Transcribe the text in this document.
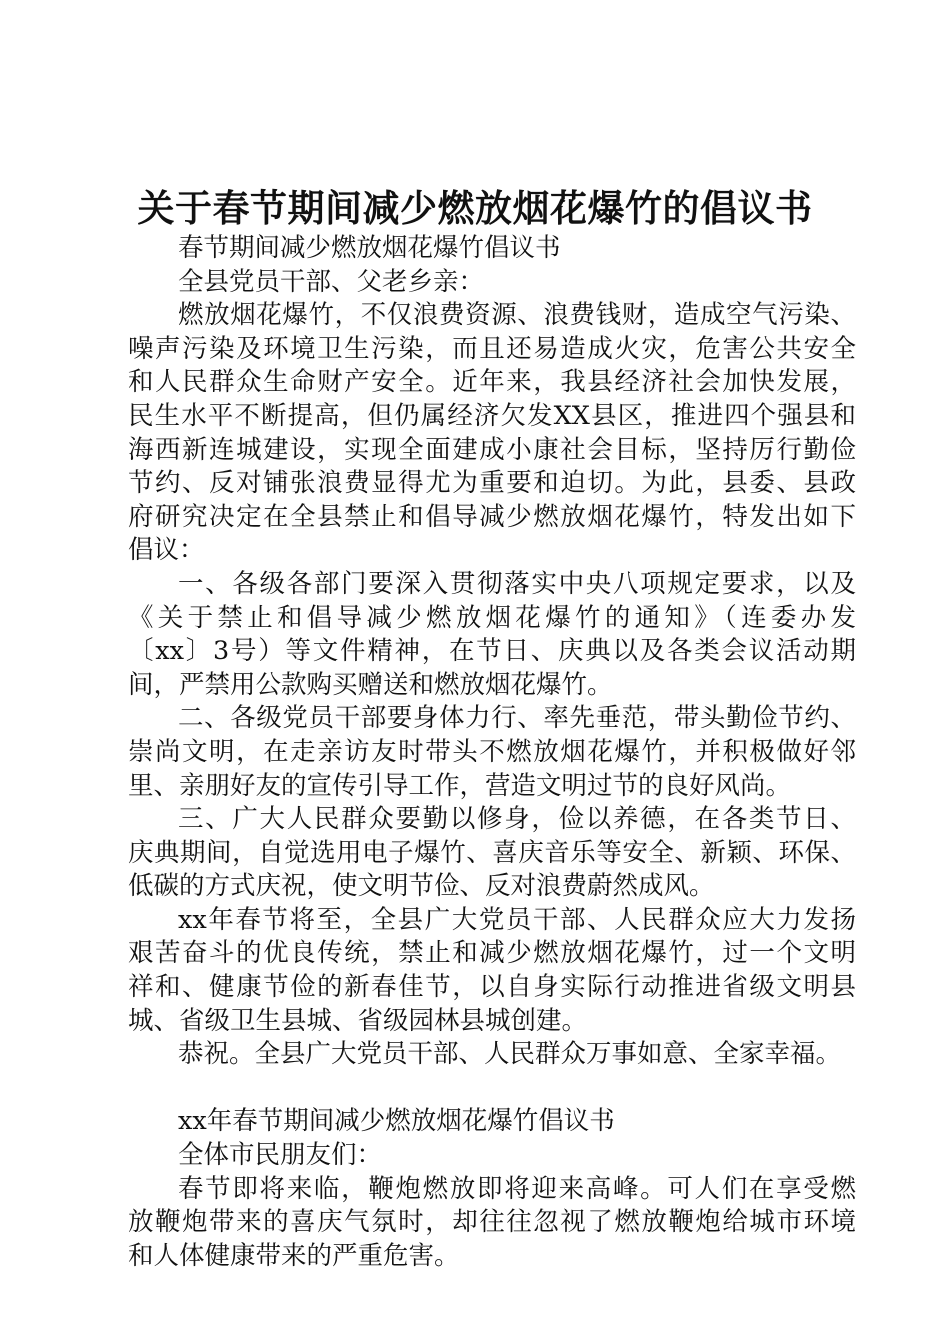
关于春节期间减少燃放烟花爆竹的倡议书
春节期间减少燃放烟花爆竹倡议书
全县党员干部、父老乡亲：
燃放烟花爆竹，不仅浪费资源、浪费钱财，造成空气污染、
噪声污染及环境卫生污染，而且还易造成火灾，危害公共安全
和人民群众生命财产安全。近年来，我县经济社会加快发展，
民生水平不断提高，但仍属经济欠发XX县区，推进四个强县和
海西新连城建设，实现全面建成小康社会目标，坚持厉行勤俭
节约、反对铺张浪费显得尤为重要和迫切。为此，县委、县政
府研究决定在全县禁止和倡导减少燃放烟花爆竹，特发出如下
倡议：
一、各级各部门要深入贯彻落实中央八项规定要求，以及
《关于禁止和倡导减少燃放烟花爆竹的通知》（连委办发
〔xx〕3号）等文件精神，在节日、庆典以及各类会议活动期
间，严禁用公款购买赠送和燃放烟花爆竹。
二、各级党员干部要身体力行、率先垂范，带头勤俭节约、
崇尚文明，在走亲访友时带头不燃放烟花爆竹，并积极做好邻
里、亲朋好友的宣传引导工作，营造文明过节的良好风尚。
三、广大人民群众要勤以修身，俭以养德，在各类节日、
庆典期间，自觉选用电子爆竹、喜庆音乐等安全、新颖、环保、
低碳的方式庆祝，使文明节俭、反对浪费蔚然成风。
xx年春节将至，全县广大党员干部、人民群众应大力发扬
艰苦奋斗的优良传统，禁止和减少燃放烟花爆竹，过一个文明
祥和、健康节俭的新春佳节，以自身实际行动推进省级文明县
城、省级卫生县城、省级园林县城创建。
恭祝。全县广大党员干部、人民群众万事如意、全家幸福。
xx年春节期间减少燃放烟花爆竹倡议书
全体市民朋友们：
春节即将来临，鞭炮燃放即将迎来高峰。可人们在享受燃
放鞭炮带来的喜庆气氛时，却往往忽视了燃放鞭炮给城市环境
和人体健康带来的严重危害。
